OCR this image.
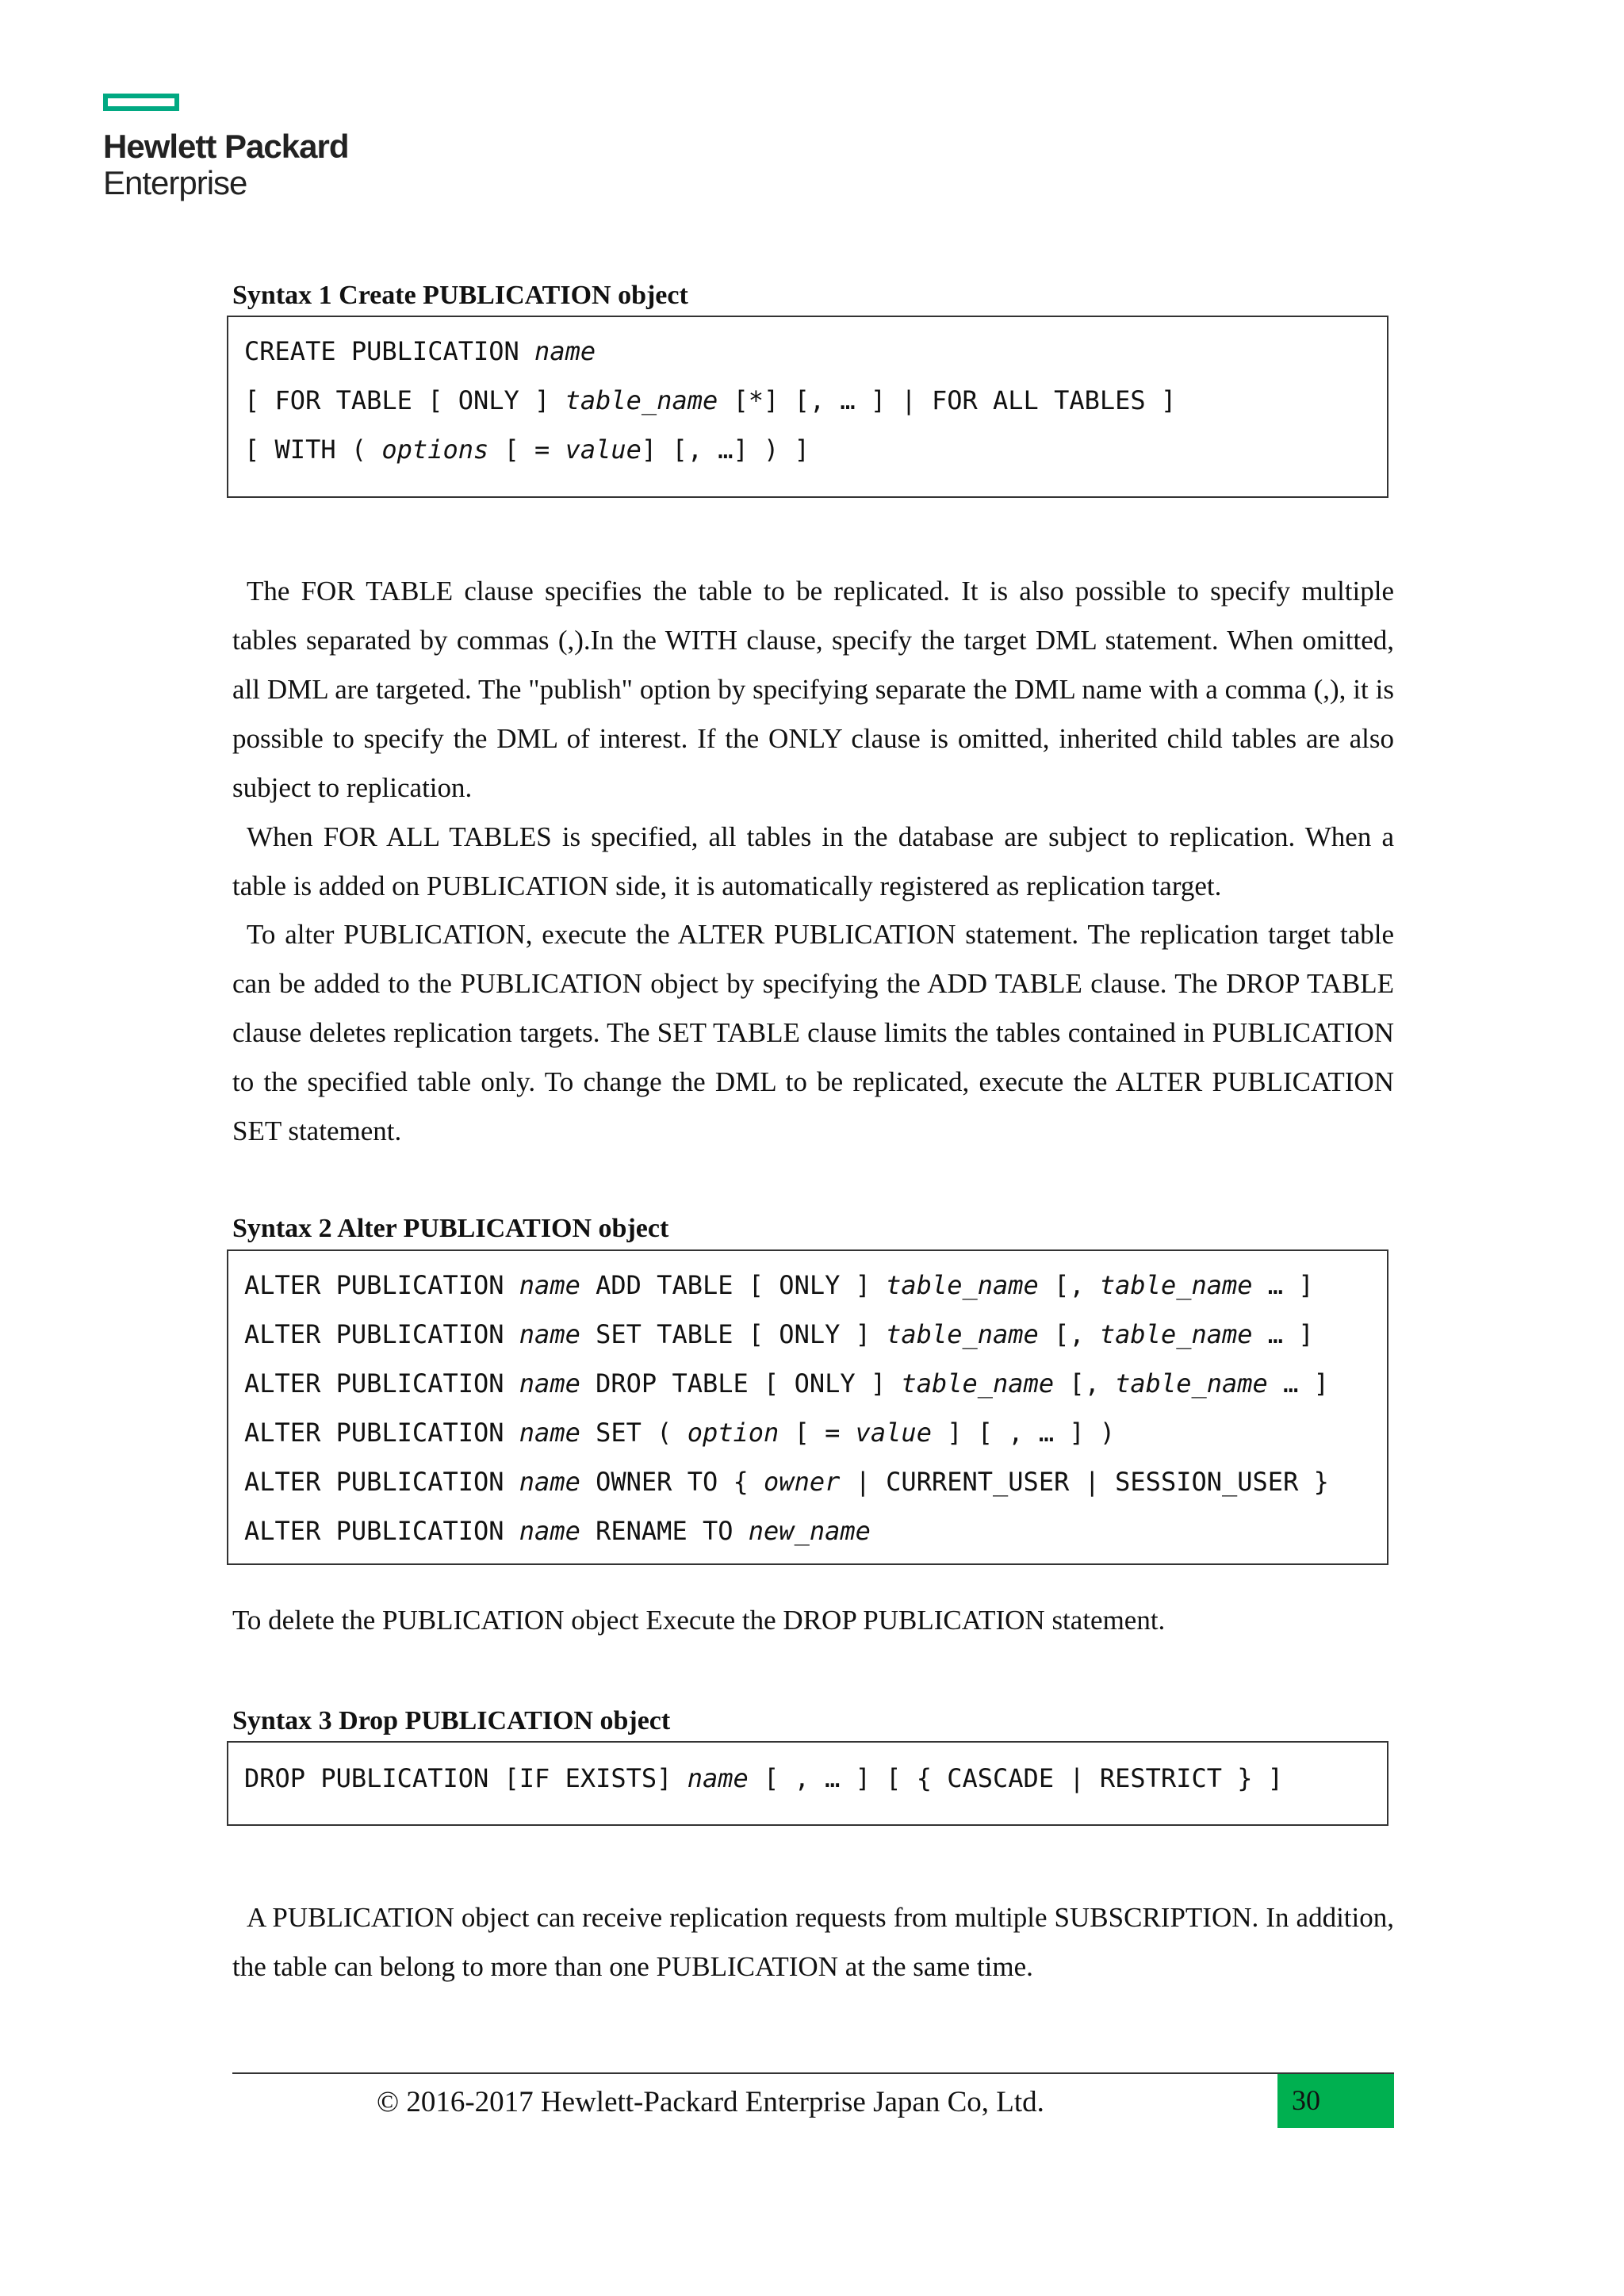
Hewlett Packard
Enterprise
Syntax 1 Create PUBLICATION object
CREATE PUBLICATION name
[ FOR TABLE [ ONLY ] table_name [*] [, … ] | FOR ALL TABLES ]
[ WITH ( options [ = value] [, …] ) ]
The FOR TABLE clause specifies the table to be replicated. It is also possible to specify multiple tables separated by commas (,).In the WITH clause, specify the target DML statement. When omitted, all DML are targeted. The "publish" option by specifying separate the DML name with a comma (,), it is possible to specify the DML of interest. If the ONLY clause is omitted, inherited child tables are also subject to replication.
When FOR ALL TABLES is specified, all tables in the database are subject to replication. When a table is added on PUBLICATION side, it is automatically registered as replication target.
To alter PUBLICATION, execute the ALTER PUBLICATION statement. The replication target table can be added to the PUBLICATION object by specifying the ADD TABLE clause. The DROP TABLE clause deletes replication targets. The SET TABLE clause limits the tables contained in PUBLICATION to the specified table only. To change the DML to be replicated, execute the ALTER PUBLICATION SET statement.
Syntax 2 Alter PUBLICATION object
ALTER PUBLICATION name ADD TABLE [ ONLY ] table_name [, table_name … ]
ALTER PUBLICATION name SET TABLE [ ONLY ] table_name [, table_name … ]
ALTER PUBLICATION name DROP TABLE [ ONLY ] table_name [, table_name … ]
ALTER PUBLICATION name SET ( option [ = value ] [ , … ] )
ALTER PUBLICATION name OWNER TO { owner | CURRENT_USER | SESSION_USER }
ALTER PUBLICATION name RENAME TO new_name
To delete the PUBLICATION object Execute the DROP PUBLICATION statement.
Syntax 3 Drop PUBLICATION object
DROP PUBLICATION [IF EXISTS] name [ , … ] [ { CASCADE | RESTRICT } ]
A PUBLICATION object can receive replication requests from multiple SUBSCRIPTION. In addition, the table can belong to more than one PUBLICATION at the same time.
© 2016-2017 Hewlett-Packard Enterprise Japan Co, Ltd.	30
